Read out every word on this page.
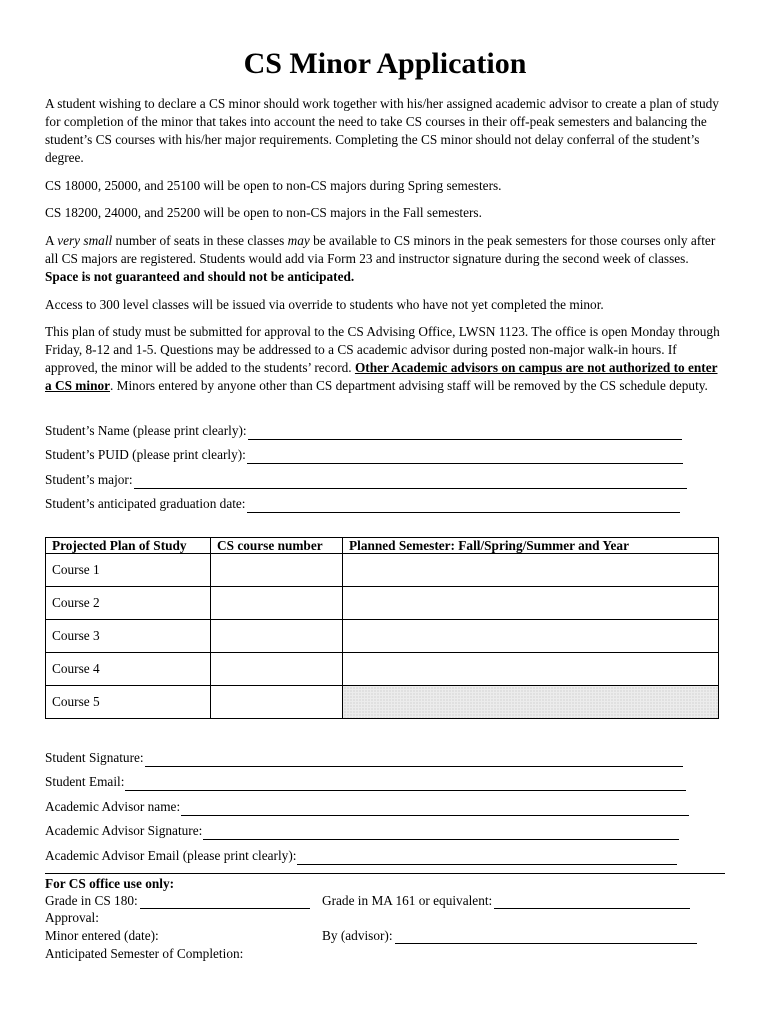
CS Minor Application

A student wishing to declare a CS minor should work together with his/her assigned academic advisor to create a plan of study for completion of the minor that takes into account the need to take CS courses in their off-peak semesters and balancing the student’s CS courses with his/her major requirements. Completing the CS minor should not delay conferral of the student’s degree.

CS 18000, 25000, and 25100 will be open to non-CS majors during Spring semesters.

CS 18200, 24000, and 25200 will be open to non-CS majors in the Fall semesters.

A very small number of seats in these classes may be available to CS minors in the peak semesters for those courses only after all CS majors are registered. Students would add via Form 23 and instructor signature during the second week of classes. Space is not guaranteed and should not be anticipated.

Access to 300 level classes will be issued via override to students who have not yet completed the minor.

This plan of study must be submitted for approval to the CS Advising Office, LWSN 1123. The office is open Monday through Friday, 8-12 and 1-5. Questions may be addressed to a CS academic advisor during posted non-major walk-in hours. If approved, the minor will be added to the students’ record. Other Academic advisors on campus are not authorized to enter a CS minor. Minors entered by anyone other than CS department advising staff will be removed by the CS schedule deputy.

Student’s Name (please print clearly):
Student’s PUID (please print clearly):
Student’s major:
Student’s anticipated graduation date:
Projected Plan of Study	CS course number	Planned Semester: Fall/Spring/Summer and Year
Course 1		
Course 2		
Course 3		
Course 4		
Course 5		
Student Signature:
Student Email:
Academic Advisor name:
Academic Advisor Signature:
Academic Advisor Email (please print clearly):
For CS office use only:
Grade in CS 180:	Grade in MA 161 or equivalent:
Approval:
Minor entered (date):	By (advisor):
Anticipated Semester of Completion:
